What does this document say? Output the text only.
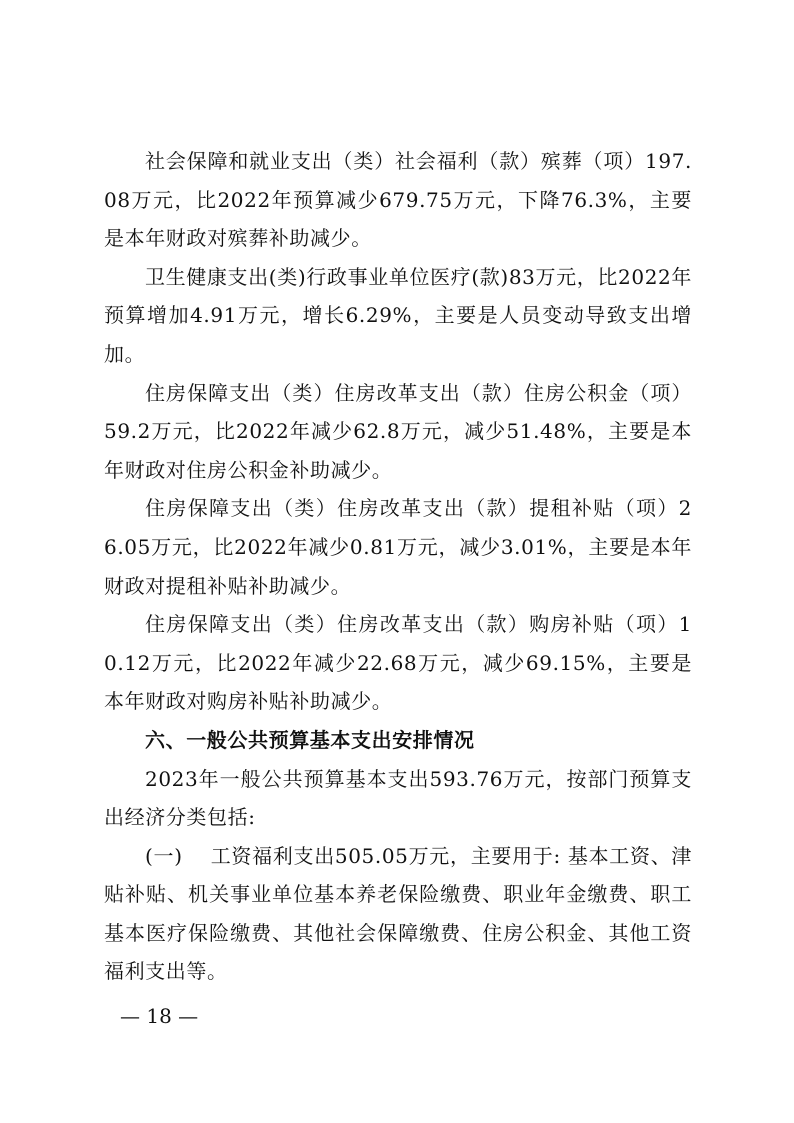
社会保障和就业支出（类）社会福利（款）殡葬（项）197.08万元，比2022年预算减少679.75万元，下降76.3%，主要是本年财政对殡葬补助减少。

卫生健康支出(类)行政事业单位医疗(款)83万元，比2022年预算增加4.91万元，增长6.29%，主要是人员变动导致支出增加。

住房保障支出（类）住房改革支出（款）住房公积金（项）59.2万元，比2022年减少62.8万元，减少51.48%，主要是本年财政对住房公积金补助减少。

住房保障支出（类）住房改革支出（款）提租补贴（项）26.05万元，比2022年减少0.81万元，减少3.01%，主要是本年财政对提租补贴补助减少。

住房保障支出（类）住房改革支出（款）购房补贴（项）10.12万元，比2022年减少22.68万元，减少69.15%，主要是本年财政对购房补贴补助减少。

六、一般公共预算基本支出安排情况

2023年一般公共预算基本支出593.76万元，按部门预算支出经济分类包括:

(一) 工资福利支出505.05万元，主要用于: 基本工资、津贴补贴、机关事业单位基本养老保险缴费、职业年金缴费、职工基本医疗保险缴费、其他社会保障缴费、住房公积金、其他工资福利支出等。

— 18 —
